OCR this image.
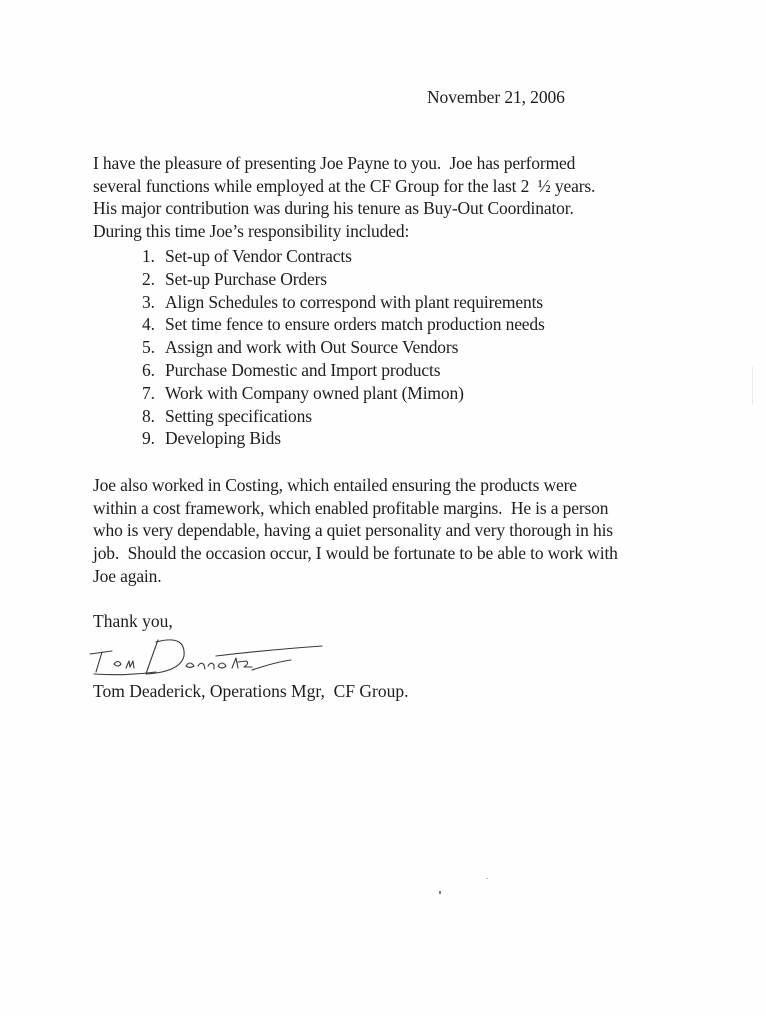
November 21, 2006
I have the pleasure of presenting Joe Payne to you.  Joe has performed
several functions while employed at the CF Group for the last 2  ½ years.
His major contribution was during his tenure as Buy-Out Coordinator.
During this time Joe’s responsibility included:
1. Set-up of Vendor Contracts
2. Set-up Purchase Orders
3. Align Schedules to correspond with plant requirements
4. Set time fence to ensure orders match production needs
5. Assign and work with Out Source Vendors
6. Purchase Domestic and Import products
7. Work with Company owned plant (Mimon)
8. Setting specifications
9. Developing Bids
Joe also worked in Costing, which entailed ensuring the products were
within a cost framework, which enabled profitable margins.  He is a person
who is very dependable, having a quiet personality and very thorough in his
job.  Should the occasion occur, I would be fortunate to be able to work with
Joe again.
Thank you,
Tom Deaderick, Operations Mgr,  CF Group.
